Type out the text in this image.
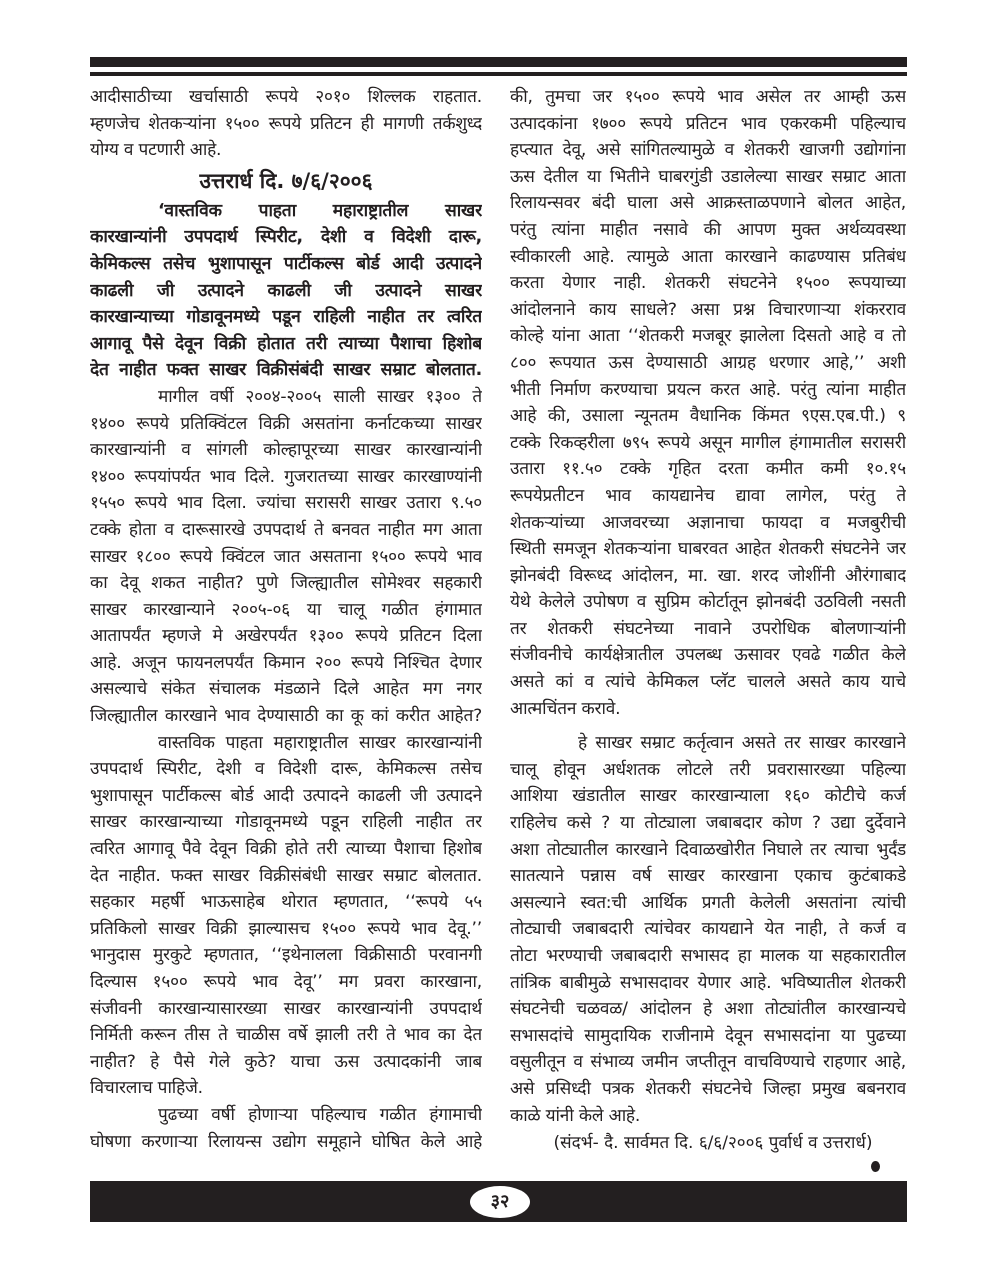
आदीसाठीच्या खर्चासाठी रूपये २०१० शिल्लक राहतात.
म्हणजेच शेतकऱ्यांना १५०० रूपये प्रतिटन ही मागणी तर्कशुध्द
योग्य व पटणारी आहे.
उत्तरार्ध दि. ७/६/२००६
‘वास्तविक पाहता महाराष्ट्रातील साखर
कारखान्यांनी उपपदार्थ स्पिरीट, देशी व विदेशी दारू,
केमिकल्स तसेच भुशापासून पार्टीकल्स बोर्ड आदी उत्पादने
काढली जी उत्पादने काढली जी उत्पादने साखर
कारखान्याच्या गोडावूनमध्ये पडून राहिली नाहीत तर त्वरित
आगावू पैसे देवून विक्री होतात तरी त्याच्या पैशाचा हिशोब
देत नाहीत फक्त साखर विक्रीसंबंदी साखर सम्राट बोलतात.
मागील वर्षी २००४-२००५ साली साखर १३०० ते
१४०० रूपये प्रतिक्विंटल विक्री असतांना कर्नाटकच्या साखर
कारखान्यांनी व सांगली कोल्हापूरच्या साखर कारखान्यांनी
१४०० रूपयांपर्यत भाव दिले. गुजरातच्या साखर कारखाण्यांनी
१५५० रूपये भाव दिला. ज्यांचा सरासरी साखर उतारा ९.५०
टक्के होता व दारूसारखे उपपदार्थ ते बनवत नाहीत मग आता
साखर १८०० रूपये क्विंटल जात असताना १५०० रूपये भाव
का देवू शकत नाहीत? पुणे जिल्ह्यातील सोमेश्वर सहकारी
साखर कारखान्याने २००५-०६ या चालू गळीत हंगामात
आतापर्यंत म्हणजे मे अखेरपर्यंत १३०० रूपये प्रतिटन दिला
आहे. अजून फायनलपर्यंत किमान २०० रूपये निश्चित देणार
असल्याचे संकेत संचालक मंडळाने दिले आहेत मग नगर
जिल्ह्यातील कारखाने भाव देण्यासाठी का कू कां करीत आहेत?
वास्तविक पाहता महाराष्ट्रातील साखर कारखान्यांनी
उपपदार्थ स्पिरीट, देशी व विदेशी दारू, केमिकल्स तसेच
भुशापासून पार्टीकल्स बोर्ड आदी उत्पादने काढली जी उत्पादने
साखर कारखान्याच्या गोडावूनमध्ये पडून राहिली नाहीत तर
त्वरित आगावू पैवे देवून विक्री होते तरी त्याच्या पैशाचा हिशोब
देत नाहीत. फक्त साखर विक्रीसंबंधी साखर सम्राट बोलतात.
सहकार महर्षी भाऊसाहेब थोरात म्हणतात, ‘‘रूपये ५५
प्रतिकिलो साखर विक्री झाल्यासच १५०० रूपये भाव देवू.’’
भानुदास मुरकुटे म्हणतात, ‘‘इथेनालला विक्रीसाठी परवानगी
दिल्यास १५०० रूपये भाव देवू’’ मग प्रवरा कारखाना,
संजीवनी कारखान्यासारख्या साखर कारखान्यांनी उपपदार्थ
निर्मिती करून तीस ते चाळीस वर्षे झाली तरी ते भाव का देत
नाहीत? हे पैसे गेले कुठे? याचा ऊस उत्पादकांनी जाब
विचारलाच पाहिजे.
पुढच्या वर्षी होणाऱ्या पहिल्याच गळीत हंगामाची
घोषणा करणाऱ्या रिलायन्स उद्योग समूहाने घोषित केले आहे
की, तुमचा जर १५०० रूपये भाव असेल तर आम्ही ऊस
उत्पादकांना १७०० रूपये प्रतिटन भाव एकरकमी पहिल्याच
हप्त्यात देवू, असे सांगितल्यामुळे व शेतकरी खाजगी उद्योगांना
ऊस देतील या भितीने घाबरगुंडी उडालेल्या साखर सम्राट आता
रिलायन्सवर बंदी घाला असे आक्रस्ताळपणाने बोलत आहेत,
परंतु त्यांना माहीत नसावे की आपण मुक्त अर्थव्यवस्था
स्वीकारली आहे. त्यामुळे आता कारखाने काढण्यास प्रतिबंध
करता येणार नाही. शेतकरी संघटनेने १५०० रूपयाच्या
आंदोलनाने काय साधले? असा प्रश्न विचारणाऱ्या शंकरराव
कोल्हे यांना आता ‘‘शेतकरी मजबूर झालेला दिसतो आहे व तो
८०० रूपयात ऊस देण्यासाठी आग्रह धरणार आहे,’’ अशी
भीती निर्माण करण्याचा प्रयत्न करत आहे. परंतु त्यांना माहीत
आहे की, उसाला न्यूनतम वैधानिक किंमत ९एस.एब.पी.) ९
टक्के रिकव्हरीला ७९५ रूपये असून मागील हंगामातील सरासरी
उतारा ११.५० टक्के गृहित दरता कमीत कमी १०.१५
रूपयेप्रतीटन भाव कायद्यानेच द्यावा लागेल, परंतु ते
शेतकऱ्यांच्या आजवरच्या अज्ञानाचा फायदा व मजबुरीची
स्थिती समजून शेतकऱ्यांना घाबरवत आहेत शेतकरी संघटनेने जर
झोनबंदी विरूध्द आंदोलन, मा. खा. शरद जोशींनी औरंगाबाद
येथे केलेले उपोषण व सुप्रिम कोर्टातून झोनबंदी उठविली नसती
तर शेतकरी संघटनेच्या नावाने उपरोधिक बोलणाऱ्यांनी
संजीवनीचे कार्यक्षेत्रातील उपलब्ध ऊसावर एवढे गळीत केले
असते कां व त्यांचे केमिकल प्लॅट चालले असते काय याचे
आत्मचिंतन करावे.
हे साखर सम्राट कर्तृत्वान असते तर साखर कारखाने
चालू होवून अर्धशतक लोटले तरी प्रवरासारख्या पहिल्या
आशिया खंडातील साखर कारखान्याला १६० कोटीचे कर्ज
राहिलेच कसे ? या तोट्याला जबाबदार कोण ? उद्या दुर्देवाने
अशा तोट्यातील कारखाने दिवाळखोरीत निघाले तर त्याचा भुर्दंड
सातत्याने पन्नास वर्ष साखर कारखाना एकाच कुटंबाकडे
असल्याने स्वत:ची आर्थिक प्रगती केलेली असतांना त्यांची
तोट्याची जबाबदारी त्यांचेवर कायद्याने येत नाही, ते कर्ज व
तोटा भरण्याची जबाबदारी सभासद हा मालक या सहकारातील
तांत्रिक बाबीमुळे सभासदावर येणार आहे. भविष्यातील शेतकरी
संघटनेची चळवळ/ आंदोलन हे अशा तोट्यांतील कारखान्यचे
सभासदांचे सामुदायिक राजीनामे देवून सभासदांना या पुढच्या
वसुलीतून व संभाव्य जमीन जप्तीतून वाचविण्याचे राहणार आहे,
असे प्रसिध्दी पत्रक शेतकरी संघटनेचे जिल्हा प्रमुख बबनराव
काळे यांनी केले आहे.
(संदर्भ- दै. सार्वमत दि. ६/६/२००६ पुर्वार्ध व उत्तरार्ध)
३२
